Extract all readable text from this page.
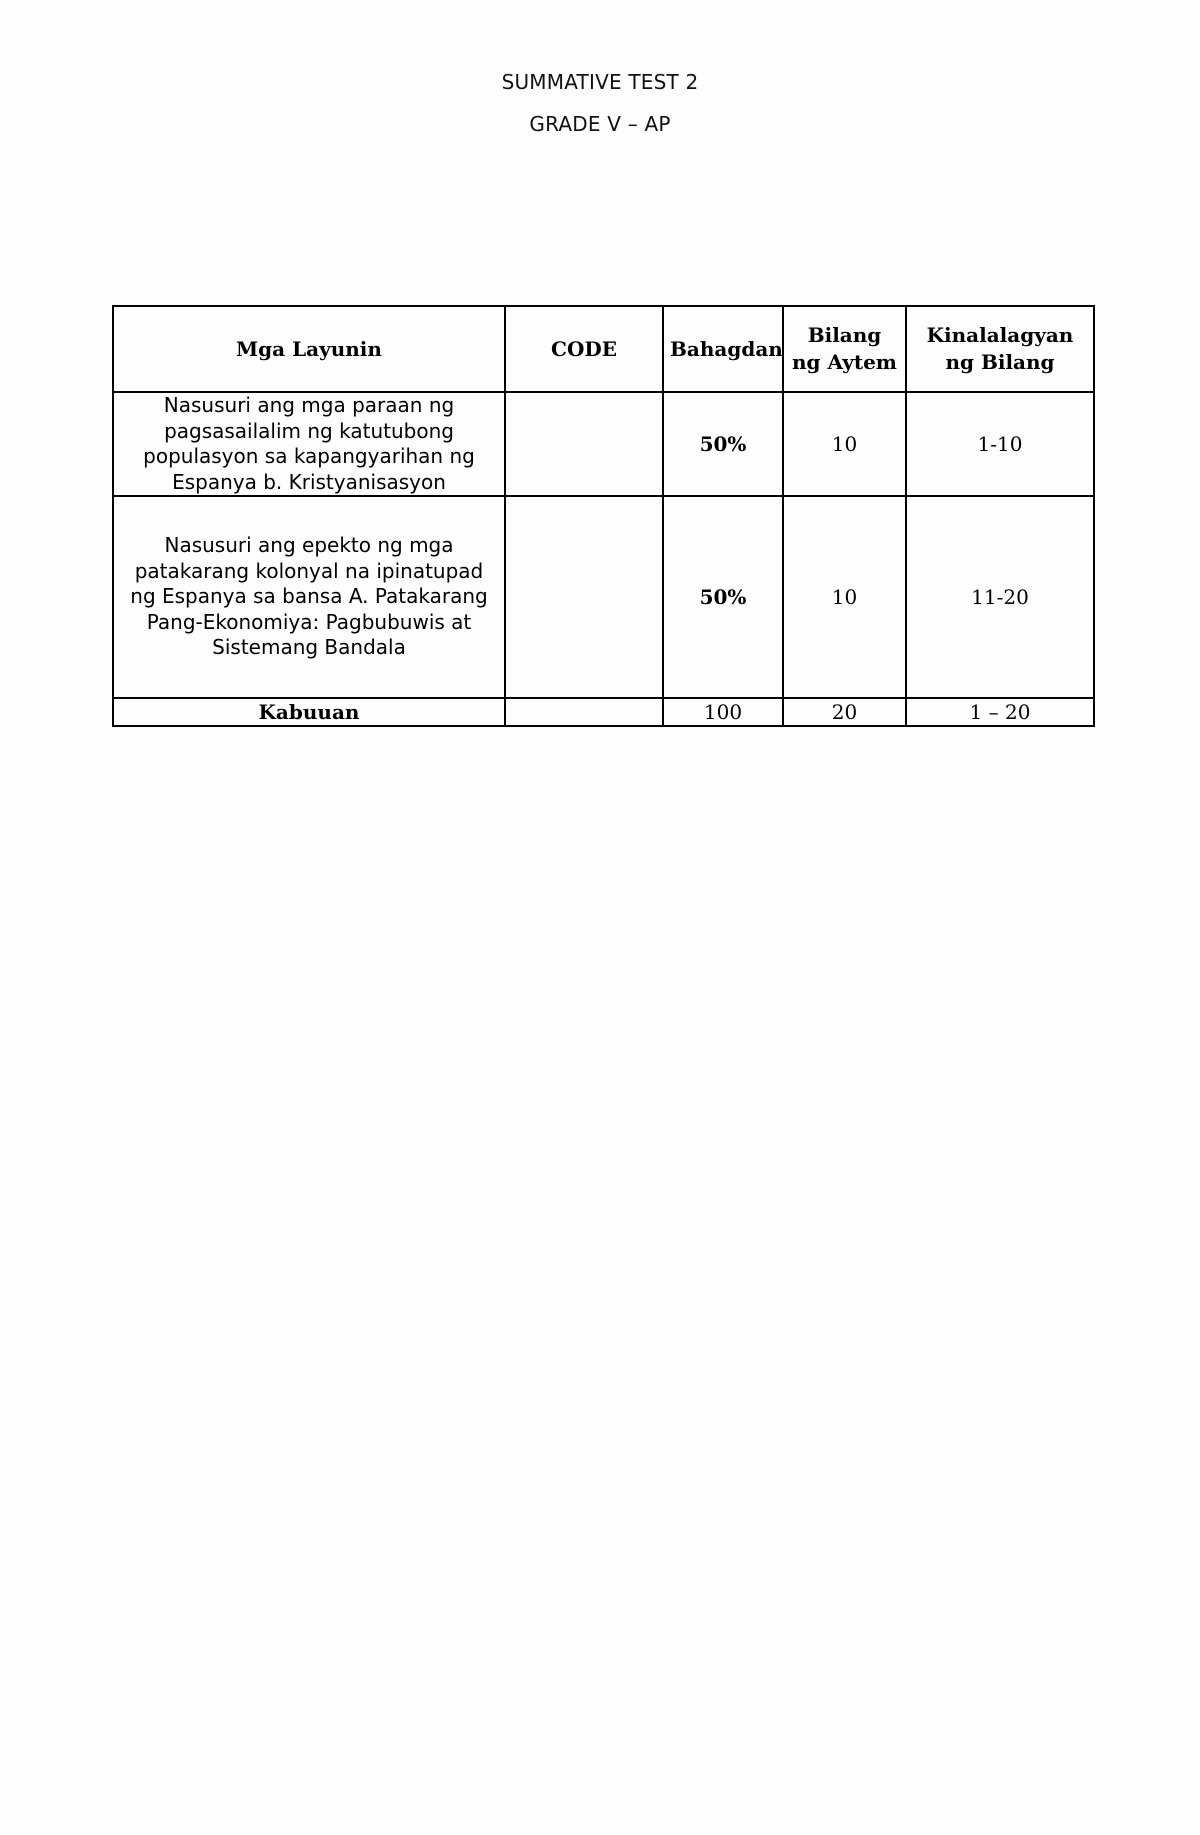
SUMMATIVE TEST 2
GRADE V – AP
Mga Layunin	CODE	Bahagdan	Bilang ng Aytem	Kinalalagyan ng Bilang
Nasusuri ang mga paraan ng pagsasailalim ng katutubong populasyon sa kapangyarihan ng Espanya b. Kristyanisasyon		50%	10	1-10
Nasusuri ang epekto ng mga patakarang kolonyal na ipinatupad ng Espanya sa bansa A. Patakarang Pang-Ekonomiya: Pagbubuwis at Sistemang Bandala		50%	10	11-20
Kabuuan		100	20	1 – 20
